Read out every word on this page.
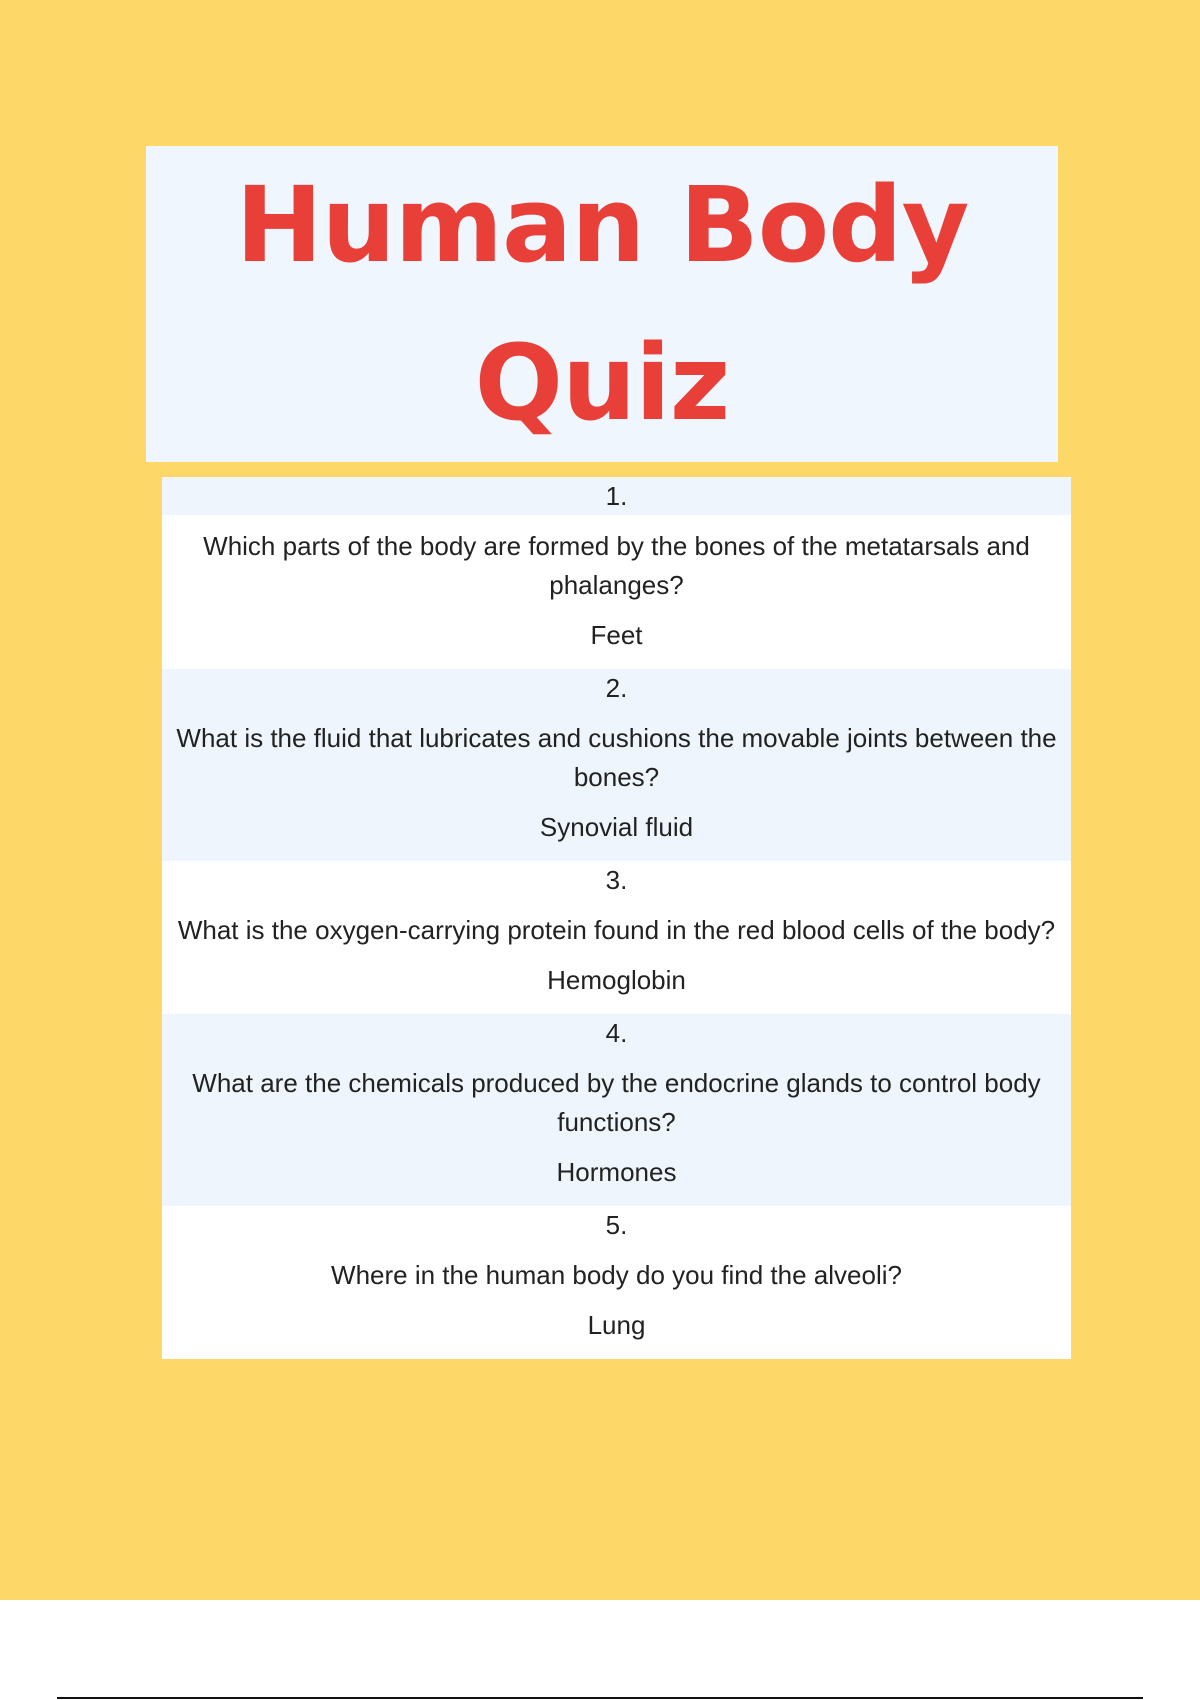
Human Body
Quiz
1.
Which parts of the body are formed by the bones of the metatarsals and phalanges?
Feet
2.
What is the fluid that lubricates and cushions the movable joints between the bones?
Synovial fluid
3.
What is the oxygen-carrying protein found in the red blood cells of the body?
Hemoglobin
4.
What are the chemicals produced by the endocrine glands to control body functions?
Hormones
5.
Where in the human body do you find the alveoli?
Lung
